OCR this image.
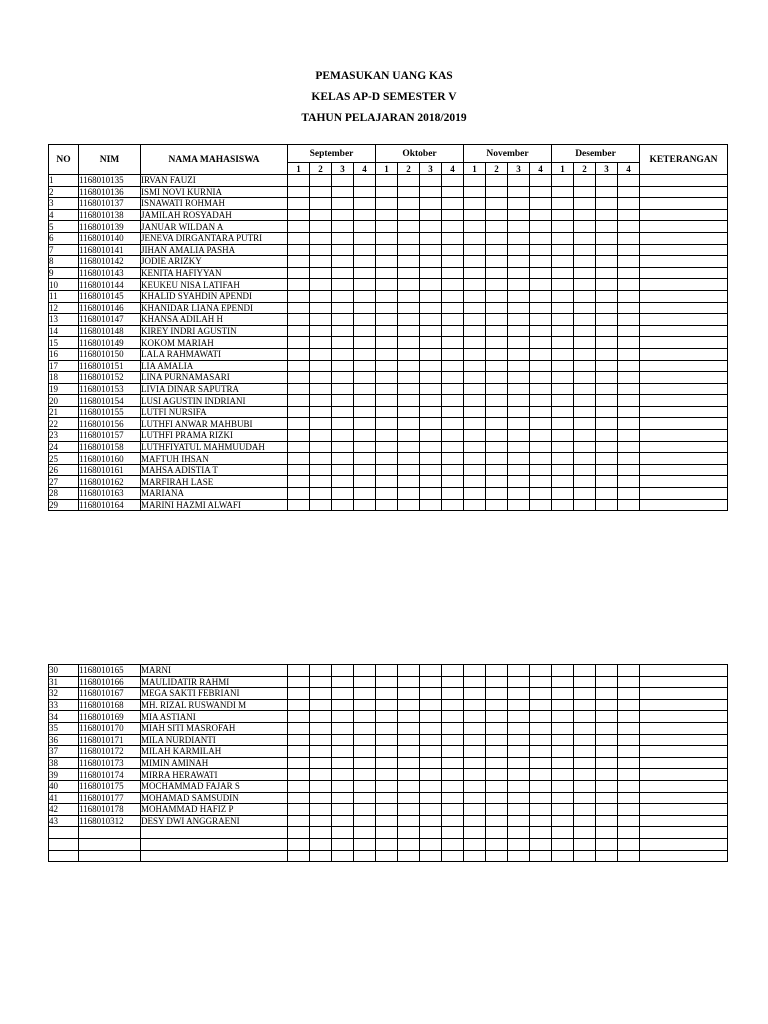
PEMASUKAN UANG KAS
KELAS AP-D SEMESTER V
TAHUN PELAJARAN 2018/2019
NO	NIM	NAMA MAHASISWA	September				Oktober				November				Desember				KETERANGAN
			1	2	3	4	1	2	3	4	1	2	3	4	1	2	3	4	
1	1168010135	IRVAN FAUZI																	
2	1168010136	ISMI NOVI KURNIA																	
3	1168010137	ISNAWATI ROHMAH																	
4	1168010138	JAMILAH ROSYADAH																	
5	1168010139	JANUAR WILDAN A																	
6	1168010140	JENEVA DIRGANTARA PUTRI																	
7	1168010141	JIHAN AMALIA PASHA																	
8	1168010142	JODIE ARIZKY																	
9	1168010143	KENITA HAFIYYAN																	
10	1168010144	KEUKEU NISA LATIFAH																	
11	1168010145	KHALID SYAHDIN APENDI																	
12	1168010146	KHANIDAR LIANA EPENDI																	
13	1168010147	KHANSA ADILAH H																	
14	1168010148	KIREY INDRI AGUSTIN																	
15	1168010149	KOKOM MARIAH																	
16	1168010150	LALA RAHMAWATI																	
17	1168010151	LIA AMALIA																	
18	1168010152	LINA PURNAMASARI																	
19	1168010153	LIVIA DINAR SAPUTRA																	
20	1168010154	LUSI AGUSTIN INDRIANI																	
21	1168010155	LUTFI NURSIFA																	
22	1168010156	LUTHFI ANWAR MAHBUBI																	
23	1168010157	LUTHFI PRAMA RIZKI																	
24	1168010158	LUTHFIYATUL MAHMUUDAH																	
25	1168010160	MAFTUH IHSAN																	
26	1168010161	MAHSA ADISTIA T																	
27	1168010162	MARFIRAH LASE																	
28	1168010163	MARIANA																	
29	1168010164	MARINI HAZMI ALWAFI																	
30	1168010165	MARNI																	
31	1168010166	MAULIDATIR RAHMI																	
32	1168010167	MEGA SAKTI FEBRIANI																	
33	1168010168	MH. RIZAL RUSWANDI M																	
34	1168010169	MIA ASTIANI																	
35	1168010170	MIAH SITI MASROFAH																	
36	1168010171	MILA NURDIANTI																	
37	1168010172	MILAH KARMILAH																	
38	1168010173	MIMIN AMINAH																	
39	1168010174	MIRRA HERAWATI																	
40	1168010175	MOCHAMMAD FAJAR S																	
41	1168010177	MOHAMAD SAMSUDIN																	
42	1168010178	MOHAMMAD HAFIZ P																	
43	1168010312	DESY DWI ANGGRAENI																	
